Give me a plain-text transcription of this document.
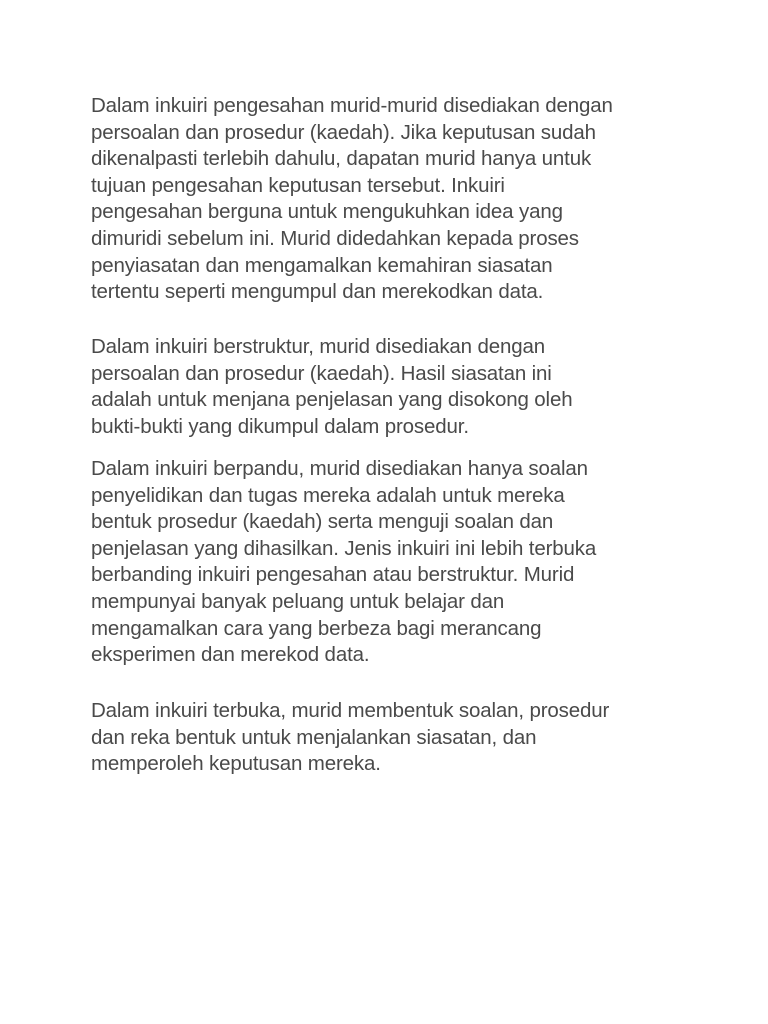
Dalam inkuiri pengesahan murid-murid disediakan dengan
persoalan dan prosedur (kaedah). Jika keputusan sudah
dikenalpasti terlebih dahulu, dapatan murid hanya untuk
tujuan pengesahan keputusan tersebut. Inkuiri
pengesahan berguna untuk mengukuhkan idea yang
dimuridi sebelum ini. Murid didedahkan kepada proses
penyiasatan dan mengamalkan kemahiran siasatan
tertentu seperti mengumpul dan merekodkan data.

Dalam inkuiri berstruktur, murid disediakan dengan
persoalan dan prosedur (kaedah). Hasil siasatan ini
adalah untuk menjana penjelasan yang disokong oleh
bukti-bukti yang dikumpul dalam prosedur.

Dalam inkuiri berpandu, murid disediakan hanya soalan
penyelidikan dan tugas mereka adalah untuk mereka
bentuk prosedur (kaedah) serta menguji soalan dan
penjelasan yang dihasilkan. Jenis inkuiri ini lebih terbuka
berbanding inkuiri pengesahan atau berstruktur. Murid
mempunyai banyak peluang untuk belajar dan
mengamalkan cara yang berbeza bagi merancang
eksperimen dan merekod data.

Dalam inkuiri terbuka, murid membentuk soalan, prosedur
dan reka bentuk untuk menjalankan siasatan, dan
memperoleh keputusan mereka.
